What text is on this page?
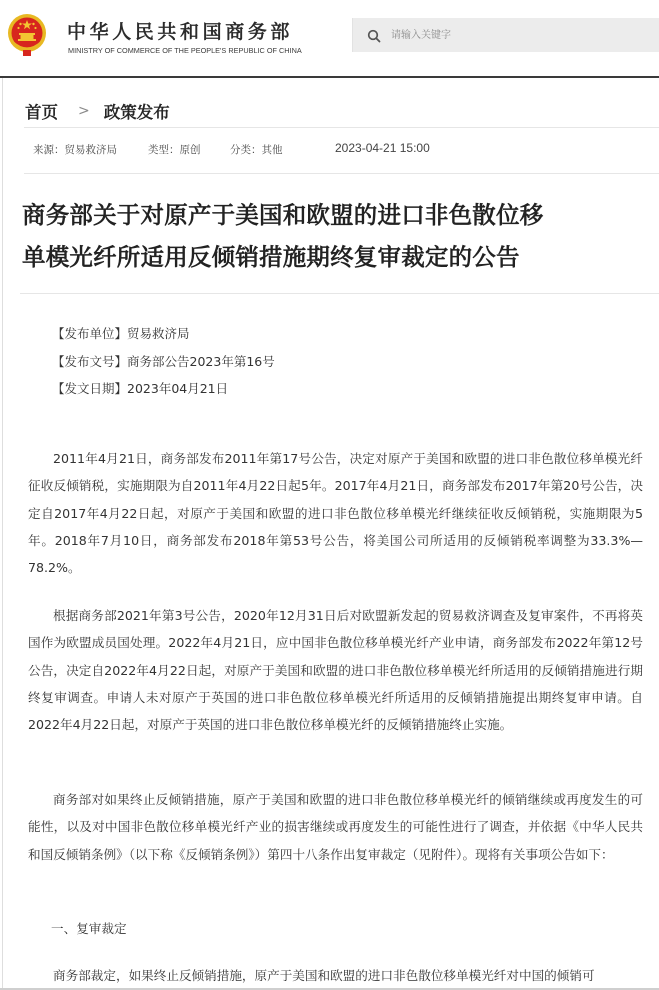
中华人民共和国商务部
MINISTRY OF COMMERCE OF THE PEOPLE'S REPUBLIC OF CHINA
请输入关键字
首页 > 政策发布
来源：贸易救济局	类型：原创	分类：其他	2023-04-21 15:00
商务部关于对原产于美国和欧盟的进口非色散位移
单模光纤所适用反倾销措施期终复审裁定的公告
【发布单位】贸易救济局
【发布文号】商务部公告2023年第16号
【发文日期】2023年04月21日

2011年4月21日，商务部发布2011年第17号公告，决定对原产于美国和欧盟的进口非色散位移单模光纤征收反倾销税，实施期限为自2011年4月22日起5年。2017年4月21日，商务部发布2017年第20号公告，决定自2017年4月22日起，对原产于美国和欧盟的进口非色散位移单模光纤继续征收反倾销税，实施期限为5年。2018年7月10日，商务部发布2018年第53号公告，将美国公司所适用的反倾销税率调整为33.3%—78.2%。

根据商务部2021年第3号公告，2020年12月31日后对欧盟新发起的贸易救济调查及复审案件，不再将英国作为欧盟成员国处理。2022年4月21日，应中国非色散位移单模光纤产业申请，商务部发布2022年第12号公告，决定自2022年4月22日起，对原产于美国和欧盟的进口非色散位移单模光纤所适用的反倾销措施进行期终复审调查。申请人未对原产于英国的进口非色散位移单模光纤所适用的反倾销措施提出期终复审申请。自2022年4月22日起，对原产于英国的进口非色散位移单模光纤的反倾销措施终止实施。

商务部对如果终止反倾销措施，原产于美国和欧盟的进口非色散位移单模光纤的倾销继续或再度发生的可能性，以及对中国非色散位移单模光纤产业的损害继续或再度发生的可能性进行了调查，并依据《中华人民共和国反倾销条例》（以下称《反倾销条例》）第四十八条作出复审裁定（见附件）。现将有关事项公告如下：

一、复审裁定

商务部裁定，如果终止反倾销措施，原产于美国和欧盟的进口非色散位移单模光纤对中国的倾销可
